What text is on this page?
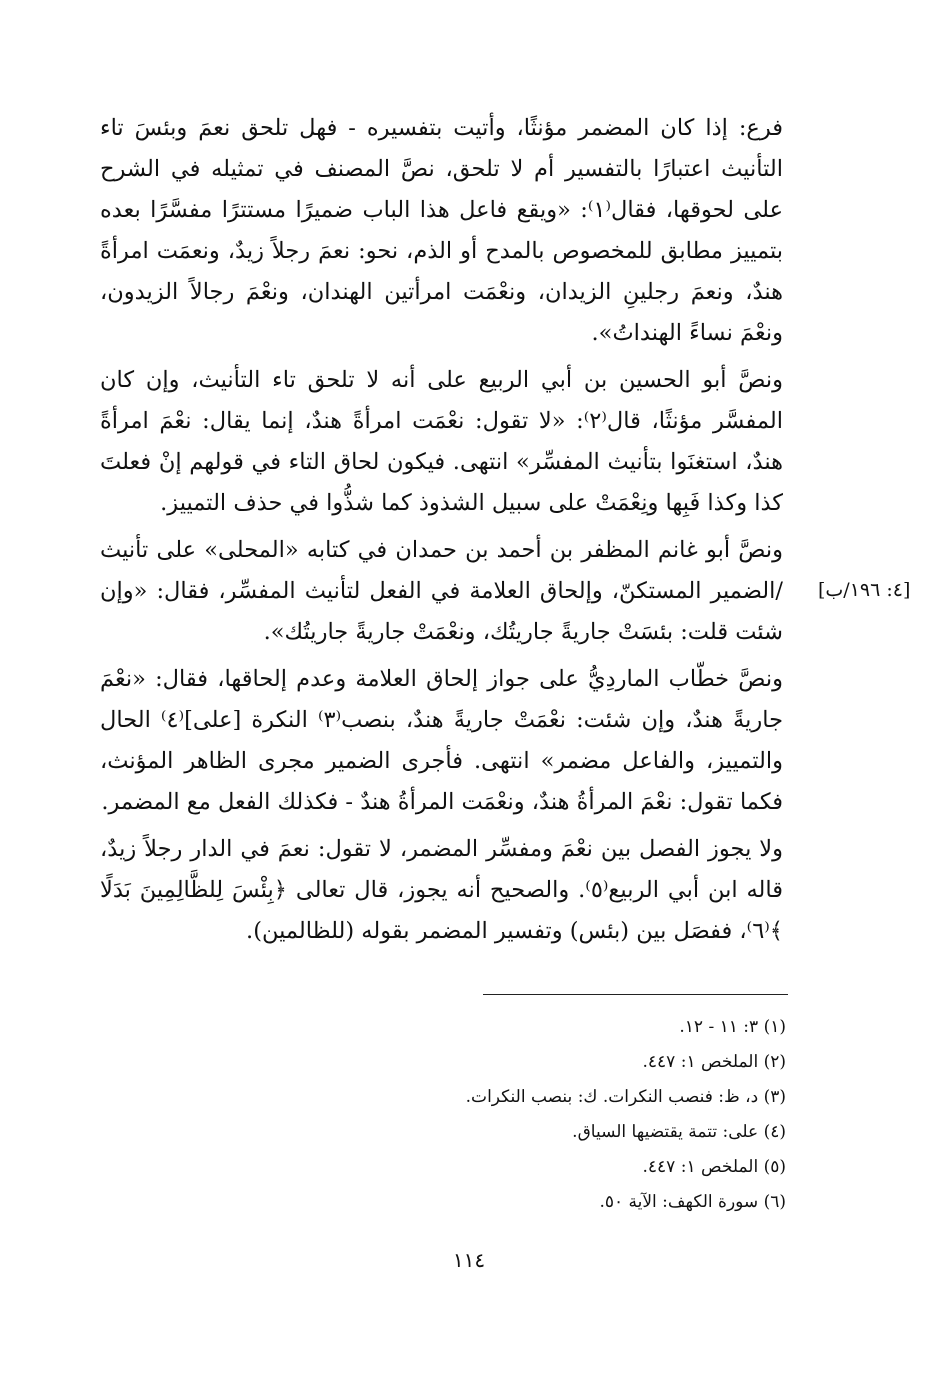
فرع: إذا كان المضمر مؤنثًا، وأتيت بتفسيره - فهل تلحق نعمَ وبئسَ تاء التأنيث اعتبارًا بالتفسير أم لا تلحق، نصَّ المصنف في تمثيله في الشرح على لحوقها، فقال⁽١⁾: «ويقع فاعل هذا الباب ضميرًا مستترًا مفسَّرًا بعده بتمييز مطابق للمخصوص بالمدح أو الذم، نحو: نعمَ رجلاً زيدٌ، ونعمَت امرأةً هندٌ، ونعمَ رجلينِ الزيدان، ونعْمَت امرأتين الهندان، ونعْمَ رجالاً الزيدون، ونعْمَ نساءً الهنداتُ».

ونصَّ أبو الحسين بن أبي الربيع على أنه لا تلحق تاء التأنيث، وإن كان المفسَّر مؤنثًا، قال⁽٢⁾: «لا تقول: نعْمَت امرأةً هندٌ، إنما يقال: نعْمَ امرأةً هندٌ، استغنَوا بتأنيث المفسِّر» انتهى. فيكون لحاق التاء في قولهم إنْ فعلتَ كذا وكذا فَبِها ونِعْمَتْ على سبيل الشذوذ كما شذُّوا في حذف التمييز.

ونصَّ أبو غانم المظفر بن أحمد بن حمدان في كتابه «المحلى» على تأنيث /الضمير المستكنّ، وإلحاق العلامة في الفعل لتأنيث المفسِّر، فقال: «وإن شئت قلت: بئسَتْ جاريةً جاريتُك، ونعْمَتْ جاريةً جاريتُك».

ونصَّ خطّاب الماردِيُّ على جواز إلحاق العلامة وعدم إلحاقها، فقال: «نعْمَ جاريةً هندٌ، وإن شئت: نعْمَتْ جاريةً هندٌ، بنصب⁽٣⁾ النكرة [على]⁽٤⁾ الحال والتمييز، والفاعل مضمر» انتهى. فأجرى الضمير مجرى الظاهر المؤنث، فكما تقول: نعْمَ المرأةُ هندٌ، ونعْمَت المرأةُ هندٌ - فكذلك الفعل مع المضمر.

ولا يجوز الفصل بين نعْمَ ومفسِّر المضمر، لا تقول: نعمَ في الدار رجلاً زيدٌ، قاله ابن أبي الربيع⁽٥⁾. والصحيح أنه يجوز، قال تعالى ﴿بِئْسَ لِلظَّالِمِينَ بَدَلًا ﴾⁽٦⁾، ففصَل بين (بئس) وتفسير المضمر بقوله (للظالمين).

[٤: ١٩٦/ب]
(١) ٣: ١١ - ١٢.
(٢) الملخص ١: ٤٤٧.
(٣) د، ظ: فنصب النكرات. ك: بنصب النكرات.
(٤) على: تتمة يقتضيها السياق.
(٥) الملخص ١: ٤٤٧.
(٦) سورة الكهف: الآية ٥٠.
١١٤
